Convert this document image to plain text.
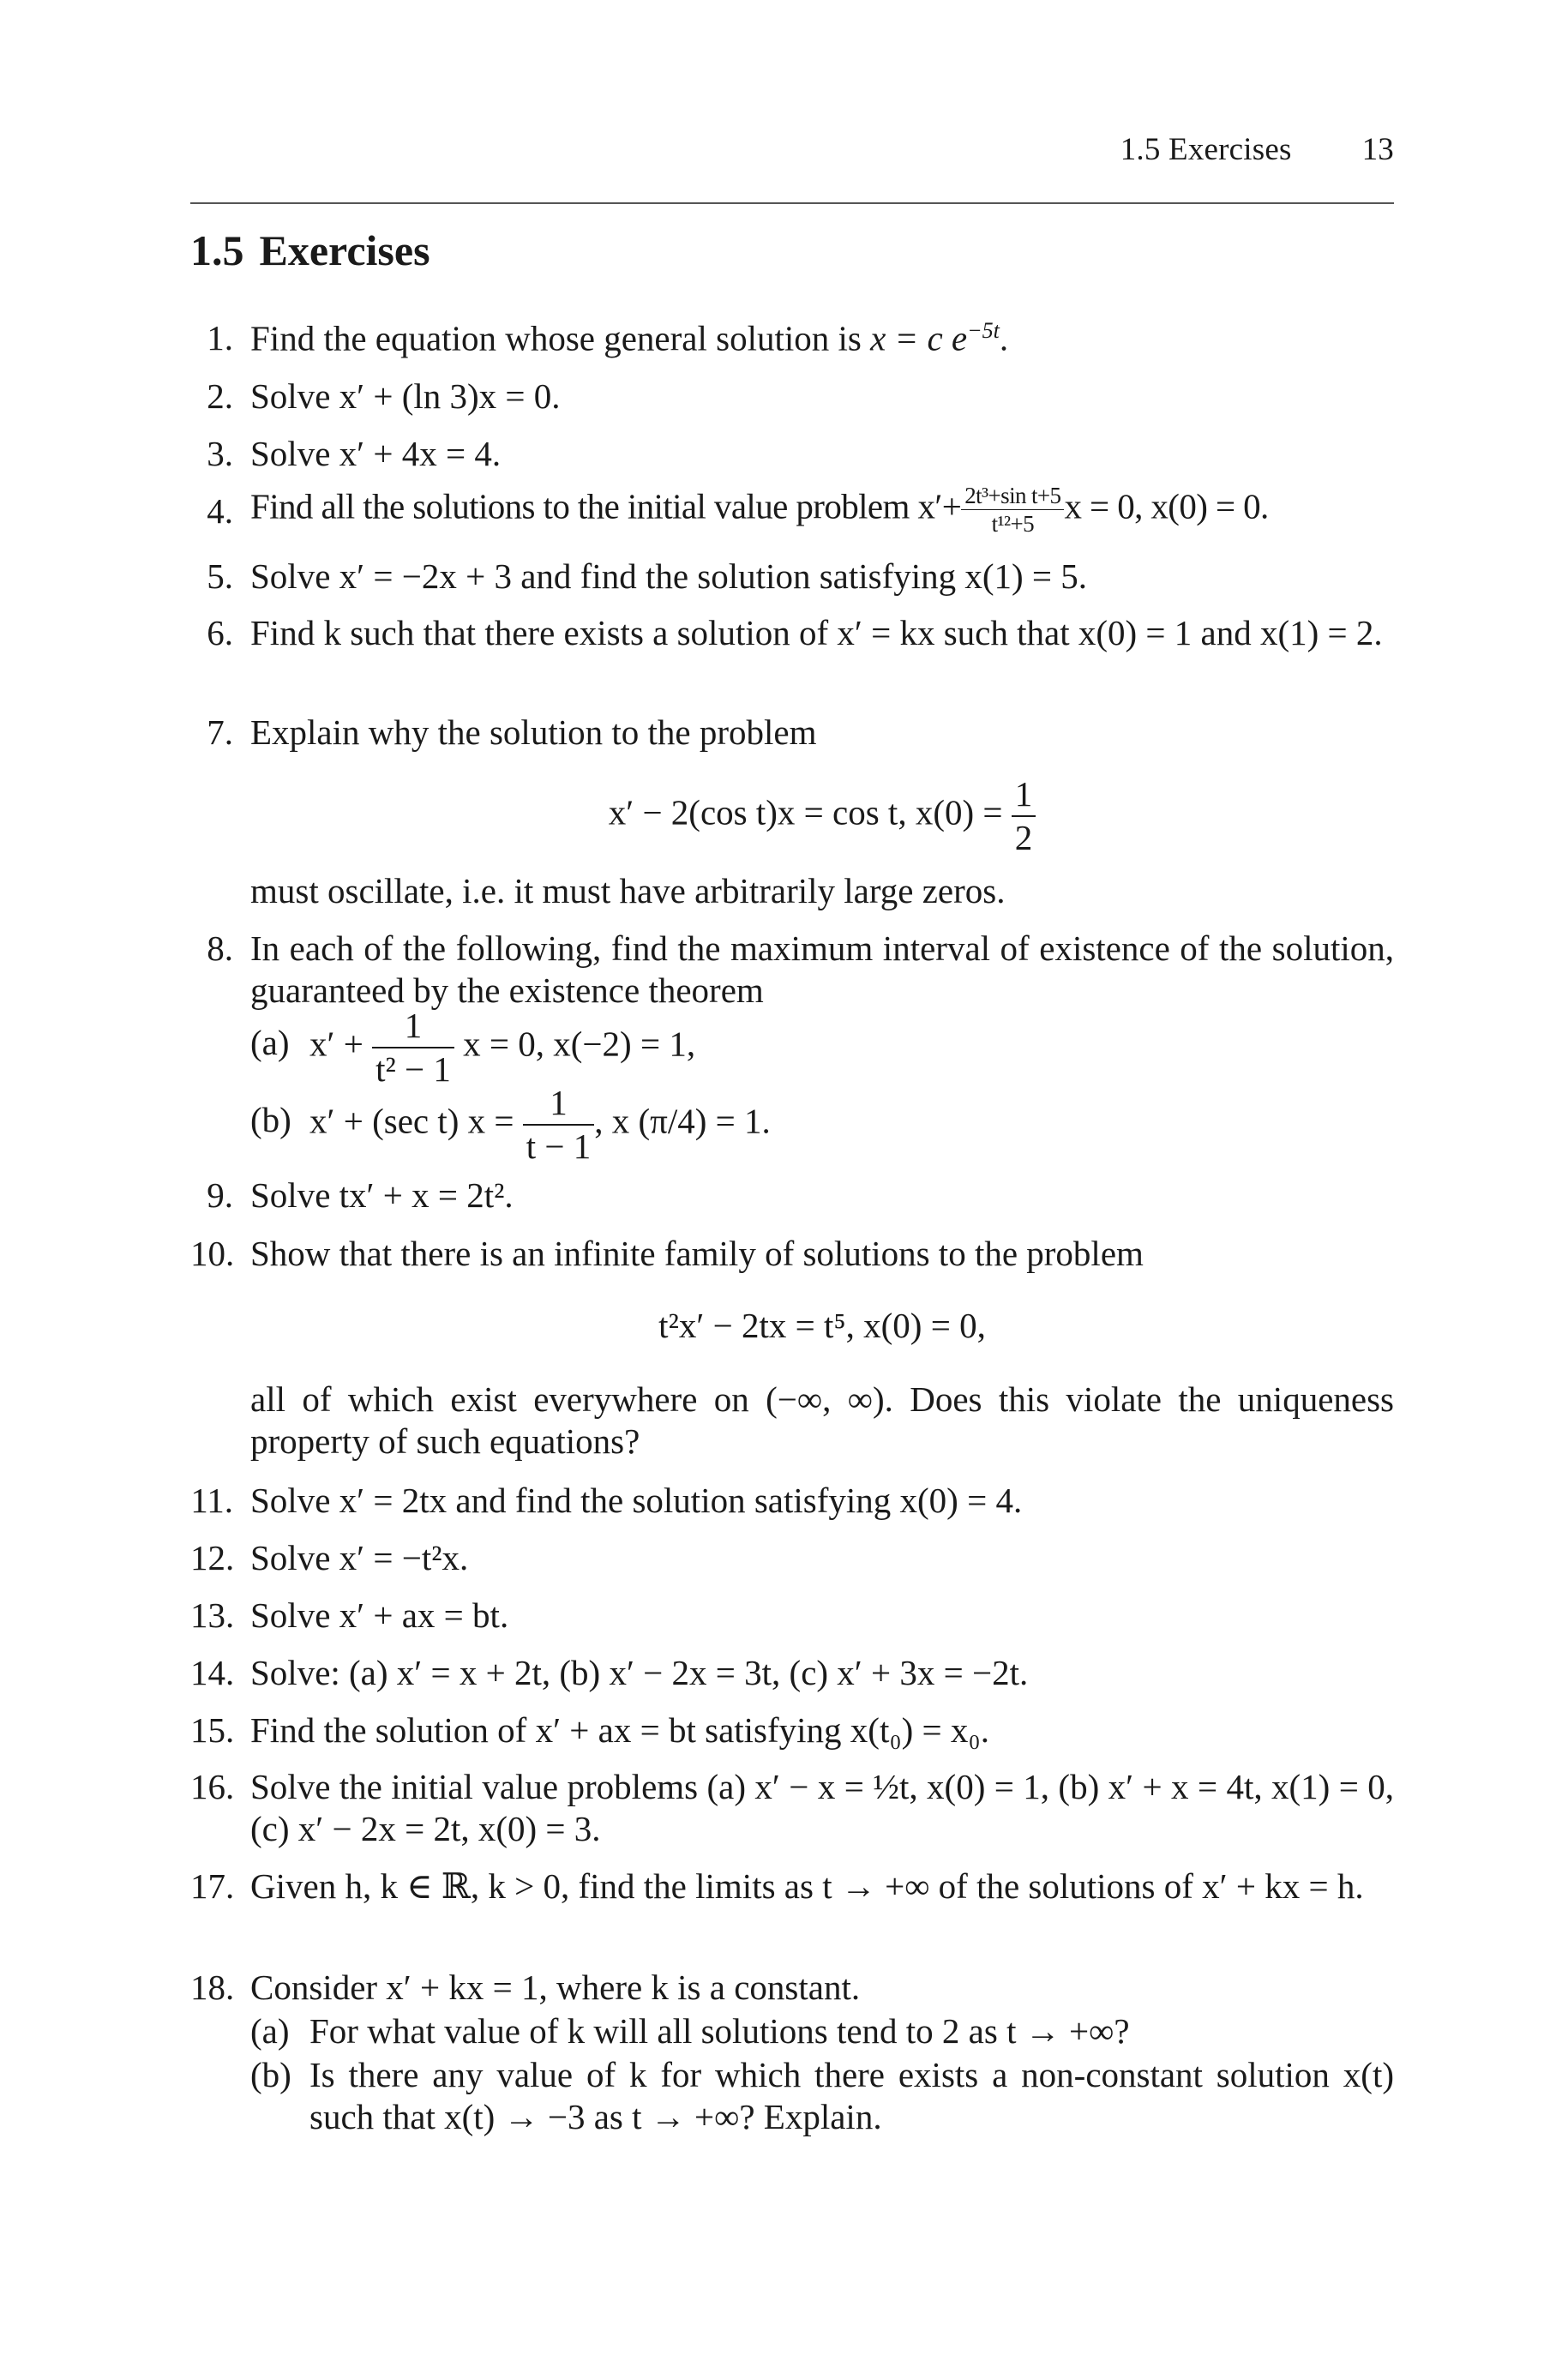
1.5 Exercises 13
1.5 Exercises
1. Find the equation whose general solution is x = c $e^{-5t}$.
2. Solve x′ + (ln 3)x = 0.
3. Solve x′ + 4x = 4.
4. Find all the solutions to the initial value problem $x'+ \frac{\text{2t³+sin t+5}}{\text{t¹²+5}}$ x = 0, x(0) = 0.
5. Solve x′ = −2x + 3 and find the solution satisfying x(1) = 5.
6. Find k such that there exists a solution of x′ = kx such that x(0) = 1 and x(1) = 2.
7. Explain why the solution to the problem
x′ − 2(cos t)x = cos t, $x(0) = \frac{1}{2}$
must oscillate, i.e. it must have arbitrarily large zeros.
8. In each of the following, find the maximum interval of existence of the solution, guaranteed by the existence theorem
(a) $x' + \frac{1}{\text{t² − 1}}$ x = 0, x(−2) = 1,
(b) x′ + (sec t) $x = \frac{1}{t - 1}$ , x (π/4) = 1.
9. Solve tx′ + x = 2t².
10. Show that there is an infinite family of solutions to the problem
t²x′ − 2tx = t⁵, x(0) = 0,
all of which exist everywhere on (−∞, ∞). Does this violate the uniqueness property of such equations?
11. Solve x′ = 2tx and find the solution satisfying x(0) = 4.
12. Solve x′ = −t²x.
13. Solve x′ + ax = bt.
14. Solve: (a) x′ = x + 2t, (b) x′ − 2x = 3t, (c) x′ + 3x = −2t.
15. Find the solution of x′ + ax = bt satisfying x(t₀) = x₀.
16. Solve the initial value problems (a) x′ − x = ½t, x(0) = 1, (b) x′ + x = 4t, x(1) = 0, (c) x′ − 2x = 2t, x(0) = 3.
17. Given h, k ∈ ℝ, k > 0, find the limits as t → +∞ of the solutions of x′ + kx = h.
18. Consider x′ + kx = 1, where k is a constant.
(a) For what value of k will all solutions tend to 2 as t → +∞?
(b) Is there any value of k for which there exists a non-constant solution x(t) such that x(t) → −3 as t → +∞? Explain.
